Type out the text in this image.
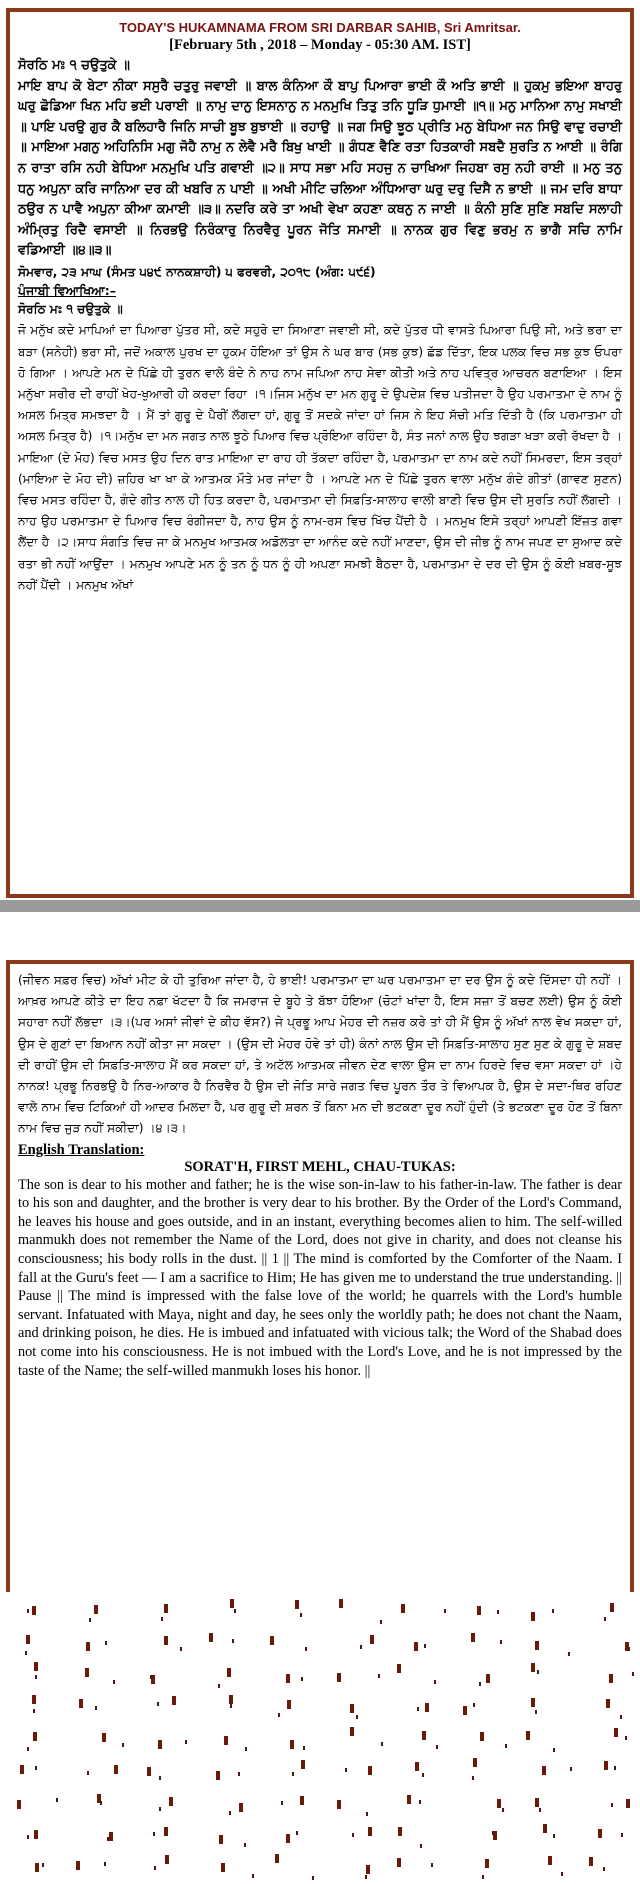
TODAY'S HUKAMNAMA FROM SRI DARBAR SAHIB, Sri Amritsar.
[February 5th , 2018 – Monday - 05:30 AM. IST]
ਸੋਰਠਿ ਮਃ ੧ ਚਉਤੁਕੇ ॥
ਮਾਇ ਬਾਪ ਕੋ ਬੇਟਾ ਨੀਕਾ ਸਸੁਰੈ ਚਤੁਰੁ ਜਵਾਈ ॥ ਬਾਲ ਕੰਨਿਆ ਕੌ ਬਾਪੁ ਪਿਆਰਾ ਭਾਈ ਕੌ ਅਤਿ ਭਾਈ ॥ ਹੁਕਮੁ ਭਇਆ ਬਾਹਰੁ ਘਰੁ ਛੋਡਿਆ ਖਿਨ ਮਹਿ ਭਈ ਪਰਾਈ ॥ ਨਾਮੁ ਦਾਨੁ ਇਸਨਾਨੁ ਨ ਮਨਮੁਖਿ ਤਿਤੁ ਤਨਿ ਧੂੜਿ ਧੁਮਾਈ ॥੧॥ ਮਨੁ ਮਾਨਿਆ ਨਾਮੁ ਸਖਾਈ ॥ ਪਾਇ ਪਰਉ ਗੁਰ ਕੈ ਬਲਿਹਾਰੈ ਜਿਨਿ ਸਾਚੀ ਬੂਝ ਬੁਝਾਈ ॥ ਰਹਾਉ ॥ ਜਗ ਸਿਉ ਝੂਠ ਪ੍ਰੀਤਿ ਮਨੁ ਬੇਧਿਆ ਜਨ ਸਿਉ ਵਾਦੁ ਰਚਾਈ ॥ ਮਾਇਆ ਮਗਨੁ ਅਹਿਨਿਸਿ ਮਗੁ ਜੋਹੈ ਨਾਮੁ ਨ ਲੇਵੈ ਮਰੈ ਬਿਖੁ ਖਾਈ ॥ ਗੰਧਣ ਵੈਣਿ ਰਤਾ ਹਿਤਕਾਰੀ ਸਬਦੈ ਸੁਰਤਿ ਨ ਆਈ ॥ ਰੰਗਿ ਨ ਰਾਤਾ ਰਸਿ ਨਹੀ ਬੇਧਿਆ ਮਨਮੁਖਿ ਪਤਿ ਗਵਾਈ ॥੨॥ ਸਾਧ ਸਭਾ ਮਹਿ ਸਹਜੁ ਨ ਚਾਖਿਆ ਜਿਹਬਾ ਰਸੁ ਨਹੀ ਰਾਈ ॥ ਮਨੁ ਤਨੁ ਧਨੁ ਅਪੁਨਾ ਕਰਿ ਜਾਨਿਆ ਦਰ ਕੀ ਖਬਰਿ ਨ ਪਾਈ ॥ ਅਖੀ ਮੀਟਿ ਚਲਿਆ ਅੰਧਿਆਰਾ ਘਰੁ ਦਰੁ ਦਿਸੈ ਨ ਭਾਈ ॥ ਜਮ ਦਰਿ ਬਾਧਾ ਠਉਰ ਨ ਪਾਵੈ ਅਪੁਨਾ ਕੀਆ ਕਮਾਈ ॥੩॥ ਨਦਰਿ ਕਰੇ ਤਾ ਅਖੀ ਵੇਖਾ ਕਹਣਾ ਕਥਨੁ ਨ ਜਾਈ ॥ ਕੰਨੀ ਸੁਣਿ ਸੁਣਿ ਸਬਦਿ ਸਲਾਹੀ ਅੰਮ੍ਰਿਤੁ ਰਿਦੈ ਵਸਾਈ ॥ ਨਿਰਭਉ ਨਿਰੰਕਾਰੁ ਨਿਰਵੈਰੁ ਪੂਰਨ ਜੋਤਿ ਸਮਾਈ ॥ ਨਾਨਕ ਗੁਰ ਵਿਣੁ ਭਰਮੁ ਨ ਭਾਗੈ ਸਚਿ ਨਾਮਿ ਵਡਿਆਈ ॥੪॥੩॥
ਸੋਮਵਾਰ, ੨੩ ਮਾਘ (ਸੰਮਤ ੫੪੯ ਨਾਨਕਸ਼ਾਹੀ) ੫ ਫਰਵਰੀ, ੨੦੧੮ (ਅੰਗ: ੫੯੬)
ਪੰਜਾਬੀ ਵਿਆਖਿਆ:–
ਸੋਰਠਿ ਮਃ ੧ ਚਉਤੁਕੇ ॥
ਜੋ ਮਨੁੱਖ ਕਦੇ ਮਾਪਿਆਂ ਦਾ ਪਿਆਰਾ ਪੁੱਤਰ ਸੀ, ਕਦੇ ਸਹੁਰੇ ਦਾ ਸਿਆਣਾ ਜਵਾਈ ਸੀ, ਕਦੇ ਪੁੱਤਰ ਧੀ ਵਾਸਤੇ ਪਿਆਰਾ ਪਿਉ ਸੀ, ਅਤੇ ਭਰਾ ਦਾ ਬੜਾ (ਸਨੇਹੀ) ਭਰਾ ਸੀ, ਜਦੋਂ ਅਕਾਲ ਪੁਰਖ ਦਾ ਹੁਕਮ ਹੋਇਆ ਤਾਂ ਉਸ ਨੇ ਘਰ ਬਾਰ (ਸਭ ਕੁਝ) ਛੱਡ ਦਿੱਤਾ, ਇਕ ਪਲਕ ਵਿਚ ਸਭ ਕੁਝ ਓਪਰਾ ਹੋ ਗਿਆ । ਆਪਣੇ ਮਨ ਦੇ ਪਿੱਛੇ ਹੀ ਤੁਰਨ ਵਾਲੇ ਬੰਦੇ ਨੇ ਨਾਹ ਨਾਮ ਜਪਿਆ ਨਾਹ ਸੇਵਾ ਕੀਤੀ ਅਤੇ ਨਾਹ ਪਵਿਤ੍ਰ ਆਚਰਨ ਬਣਾਇਆ । ਇਸ ਮਨੁੱਖਾ ਸਰੀਰ ਦੀ ਰਾਹੀਂ ਖੇਹ-ਖੁਆਰੀ ਹੀ ਕਰਦਾ ਰਿਹਾ ।੧।ਜਿਸ ਮਨੁੱਖ ਦਾ ਮਨ ਗੁਰੂ ਦੇ ਉਪਦੇਸ਼ ਵਿਚ ਪਤੀਜਦਾ ਹੈ ਉਹ ਪਰਮਾਤਮਾ ਦੇ ਨਾਮ ਨੂੰ ਅਸਲ ਮਿਤ੍ਰ ਸਮਝਦਾ ਹੈ । ਮੈਂ ਤਾਂ ਗੁਰੂ ਦੇ ਪੈਰੀਂ ਲੱਗਦਾ ਹਾਂ, ਗੁਰੂ ਤੋਂ ਸਦਕੇ ਜਾਂਦਾ ਹਾਂ ਜਿਸ ਨੇ ਇਹ ਸੱਚੀ ਮਤਿ ਦਿੱਤੀ ਹੈ (ਕਿ ਪਰਮਾਤਮਾ ਹੀ ਅਸਲ ਮਿਤ੍ਰ ਹੈ) ।੧।ਮਨੁੱਖ ਦਾ ਮਨ ਜਗਤ ਨਾਲ ਝੂਠੇ ਪਿਆਰ ਵਿਚ ਪ੍ਰੋਇਆ ਰਹਿੰਦਾ ਹੈ, ਸੰਤ ਜਨਾਂ ਨਾਲ ਉਹ ਝਗੜਾ ਖੜਾ ਕਰੀ ਰੱਖਦਾ ਹੈ । ਮਾਇਆ (ਦੇ ਮੋਹ) ਵਿਚ ਮਸਤ ਉਹ ਦਿਨ ਰਾਤ ਮਾਇਆ ਦਾ ਰਾਹ ਹੀ ਤੱਕਦਾ ਰਹਿੰਦਾ ਹੈ, ਪਰਮਾਤਮਾ ਦਾ ਨਾਮ ਕਦੇ ਨਹੀਂ ਸਿਮਰਦਾ, ਇਸ ਤਰ੍ਹਾਂ (ਮਾਇਆ ਦੇ ਮੋਹ ਦੀ) ਜ਼ਹਿਰ ਖਾ ਖਾ ਕੇ ਆਤਮਕ ਮੌਤੇ ਮਰ ਜਾਂਦਾ ਹੈ । ਆਪਣੇ ਮਨ ਦੇ ਪਿੱਛੇ ਤੁਰਨ ਵਾਲਾ ਮਨੁੱਖ ਗੰਦੇ ਗੀਤਾਂ (ਗਾਵਣ ਸੁਣਨ) ਵਿਚ ਮਸਤ ਰਹਿੰਦਾ ਹੈ, ਗੰਦੇ ਗੀਤ ਨਾਲ ਹੀ ਹਿਤ ਕਰਦਾ ਹੈ, ਪਰਮਾਤਮਾ ਦੀ ਸਿਫ਼ਤਿ-ਸਾਲਾਹ ਵਾਲੀ ਬਾਣੀ ਵਿਚ ਉਸ ਦੀ ਸੁਰਤਿ ਨਹੀਂ ਲੱਗਦੀ । ਨਾਹ ਉਹ ਪਰਮਾਤਮਾ ਦੇ ਪਿਆਰ ਵਿਚ ਰੰਗੀਜਦਾ ਹੈ, ਨਾਹ ਉਸ ਨੂੰ ਨਾਮ-ਰਸ ਵਿਚ ਖਿੱਚ ਪੈਂਦੀ ਹੈ । ਮਨਮੁਖ ਇਸੇ ਤਰ੍ਹਾਂ ਆਪਣੀ ਇੱਜ਼ਤ ਗਵਾ ਲੈਂਦਾ ਹੈ ।੨।ਸਾਧ ਸੰਗਤਿ ਵਿਚ ਜਾ ਕੇ ਮਨਮੁਖ ਆਤਮਕ ਅਡੋਲਤਾ ਦਾ ਆਨੰਦ ਕਦੇ ਨਹੀਂ ਮਾਣਦਾ, ਉਸ ਦੀ ਜੀਭ ਨੂੰ ਨਾਮ ਜਪਣ ਦਾ ਸੁਆਦ ਕਦੇ ਰਤਾ ਭੀ ਨਹੀਂ ਆਉਂਦਾ । ਮਨਮੁਖ ਆਪਣੇ ਮਨ ਨੂੰ ਤਨ ਨੂੰ ਧਨ ਨੂੰ ਹੀ ਅਪਣਾ ਸਮਝੀ ਬੈਠਦਾ ਹੈ, ਪਰਮਾਤਮਾ ਦੇ ਦਰ ਦੀ ਉਸ ਨੂੰ ਕੋਈ ਖ਼ਬਰ-ਸੂਝ ਨਹੀਂ ਪੈਂਦੀ । ਮਨਮੁਖ ਅੱਖਾਂ
(ਜੀਵਨ ਸਫ਼ਰ ਵਿਚ) ਅੱਖਾਂ ਮੀਟ ਕੇ ਹੀ ਤੁਰਿਆ ਜਾਂਦਾ ਹੈ, ਹੇ ਭਾਈ! ਪਰਮਾਤਮਾ ਦਾ ਘਰ ਪਰਮਾਤਮਾ ਦਾ ਦਰ ਉਸ ਨੂੰ ਕਦੇ ਦਿੱਸਦਾ ਹੀ ਨਹੀਂ । ਆਖ਼ਰ ਆਪਣੇ ਕੀਤੇ ਦਾ ਇਹ ਨਫ਼ਾ ਖੱਟਦਾ ਹੈ ਕਿ ਜਮਰਾਜ ਦੇ ਬੂਹੇ ਤੇ ਬੱਝਾ ਹੋਇਆ (ਚੋਟਾਂ ਖਾਂਦਾ ਹੈ, ਇਸ ਸਜ਼ਾ ਤੋਂ ਬਚਣ ਲਈ) ਉਸ ਨੂੰ ਕੋਈ ਸਹਾਰਾ ਨਹੀਂ ਲੱਭਦਾ ।੩।(ਪਰ ਅਸਾਂ ਜੀਵਾਂ ਦੇ ਕੀਹ ਵੱਸ?) ਜੇ ਪ੍ਰਭੂ ਆਪ ਮੇਹਰ ਦੀ ਨਜ਼ਰ ਕਰੇ ਤਾਂ ਹੀ ਮੈਂ ਉਸ ਨੂੰ ਅੱਖਾਂ ਨਾਲ ਵੇਖ ਸਕਦਾ ਹਾਂ, ਉਸ ਦੇ ਗੁਣਾਂ ਦਾ ਬਿਆਨ ਨਹੀਂ ਕੀਤਾ ਜਾ ਸਕਦਾ । (ਉਸ ਦੀ ਮੇਹਰ ਹੋਵੇ ਤਾਂ ਹੀ) ਕੰਨਾਂ ਨਾਲ ਉਸ ਦੀ ਸਿਫ਼ਤਿ-ਸਾਲਾਹ ਸੁਣ ਸੁਣ ਕੇ ਗੁਰੂ ਦੇ ਸ਼ਬਦ ਦੀ ਰਾਹੀਂ ਉਸ ਦੀ ਸਿਫ਼ਤਿ-ਸਾਲਾਹ ਮੈਂ ਕਰ ਸਕਦਾ ਹਾਂ, ਤੇ ਅਟੱਲ ਆਤਮਕ ਜੀਵਨ ਦੇਣ ਵਾਲਾ ਉਸ ਦਾ ਨਾਮ ਹਿਰਦੇ ਵਿਚ ਵਸਾ ਸਕਦਾ ਹਾਂ ।ਹੇ ਨਾਨਕ! ਪ੍ਰਭੂ ਨਿਰਭਉ ਹੈ ਨਿਰ-ਆਕਾਰ ਹੈ ਨਿਰਵੈਰ ਹੈ ਉਸ ਦੀ ਜੋਤਿ ਸਾਰੇ ਜਗਤ ਵਿਚ ਪੂਰਨ ਤੌਰ ਤੇ ਵਿਆਪਕ ਹੈ, ਉਸ ਦੇ ਸਦਾ-ਥਿਰ ਰਹਿਣ ਵਾਲੇ ਨਾਮ ਵਿਚ ਟਿਕਿਆਂ ਹੀ ਆਦਰ ਮਿਲਦਾ ਹੈ, ਪਰ ਗੁਰੂ ਦੀ ਸ਼ਰਨ ਤੋਂ ਬਿਨਾ ਮਨ ਦੀ ਭਟਕਣਾ ਦੂਰ ਨਹੀਂ ਹੁੰਦੀ (ਤੇ ਭਟਕਣਾ ਦੂਰ ਹੋਣ ਤੋਂ ਬਿਨਾ ਨਾਮ ਵਿਚ ਜੁੜ ਨਹੀਂ ਸਕੀਦਾ) ।੪।੩।
English Translation:
SORAT'H, FIRST MEHL, CHAU-TUKAS:
The son is dear to his mother and father; he is the wise son-in-law to his father-in-law. The father is dear to his son and daughter, and the brother is very dear to his brother. By the Order of the Lord's Command, he leaves his house and goes outside, and in an instant, everything becomes alien to him. The self-willed manmukh does not remember the Name of the Lord, does not give in charity, and does not cleanse his consciousness; his body rolls in the dust. || 1 || The mind is comforted by the Comforter of the Naam. I fall at the Guru's feet — I am a sacrifice to Him; He has given me to understand the true understanding. || Pause || The mind is impressed with the false love of the world; he quarrels with the Lord's humble servant. Infatuated with Maya, night and day, he sees only the worldly path; he does not chant the Naam, and drinking poison, he dies. He is imbued and infatuated with vicious talk; the Word of the Shabad does not come into his consciousness. He is not imbued with the Lord's Love, and he is not impressed by the taste of the Name; the self-willed manmukh loses his honor. ||
